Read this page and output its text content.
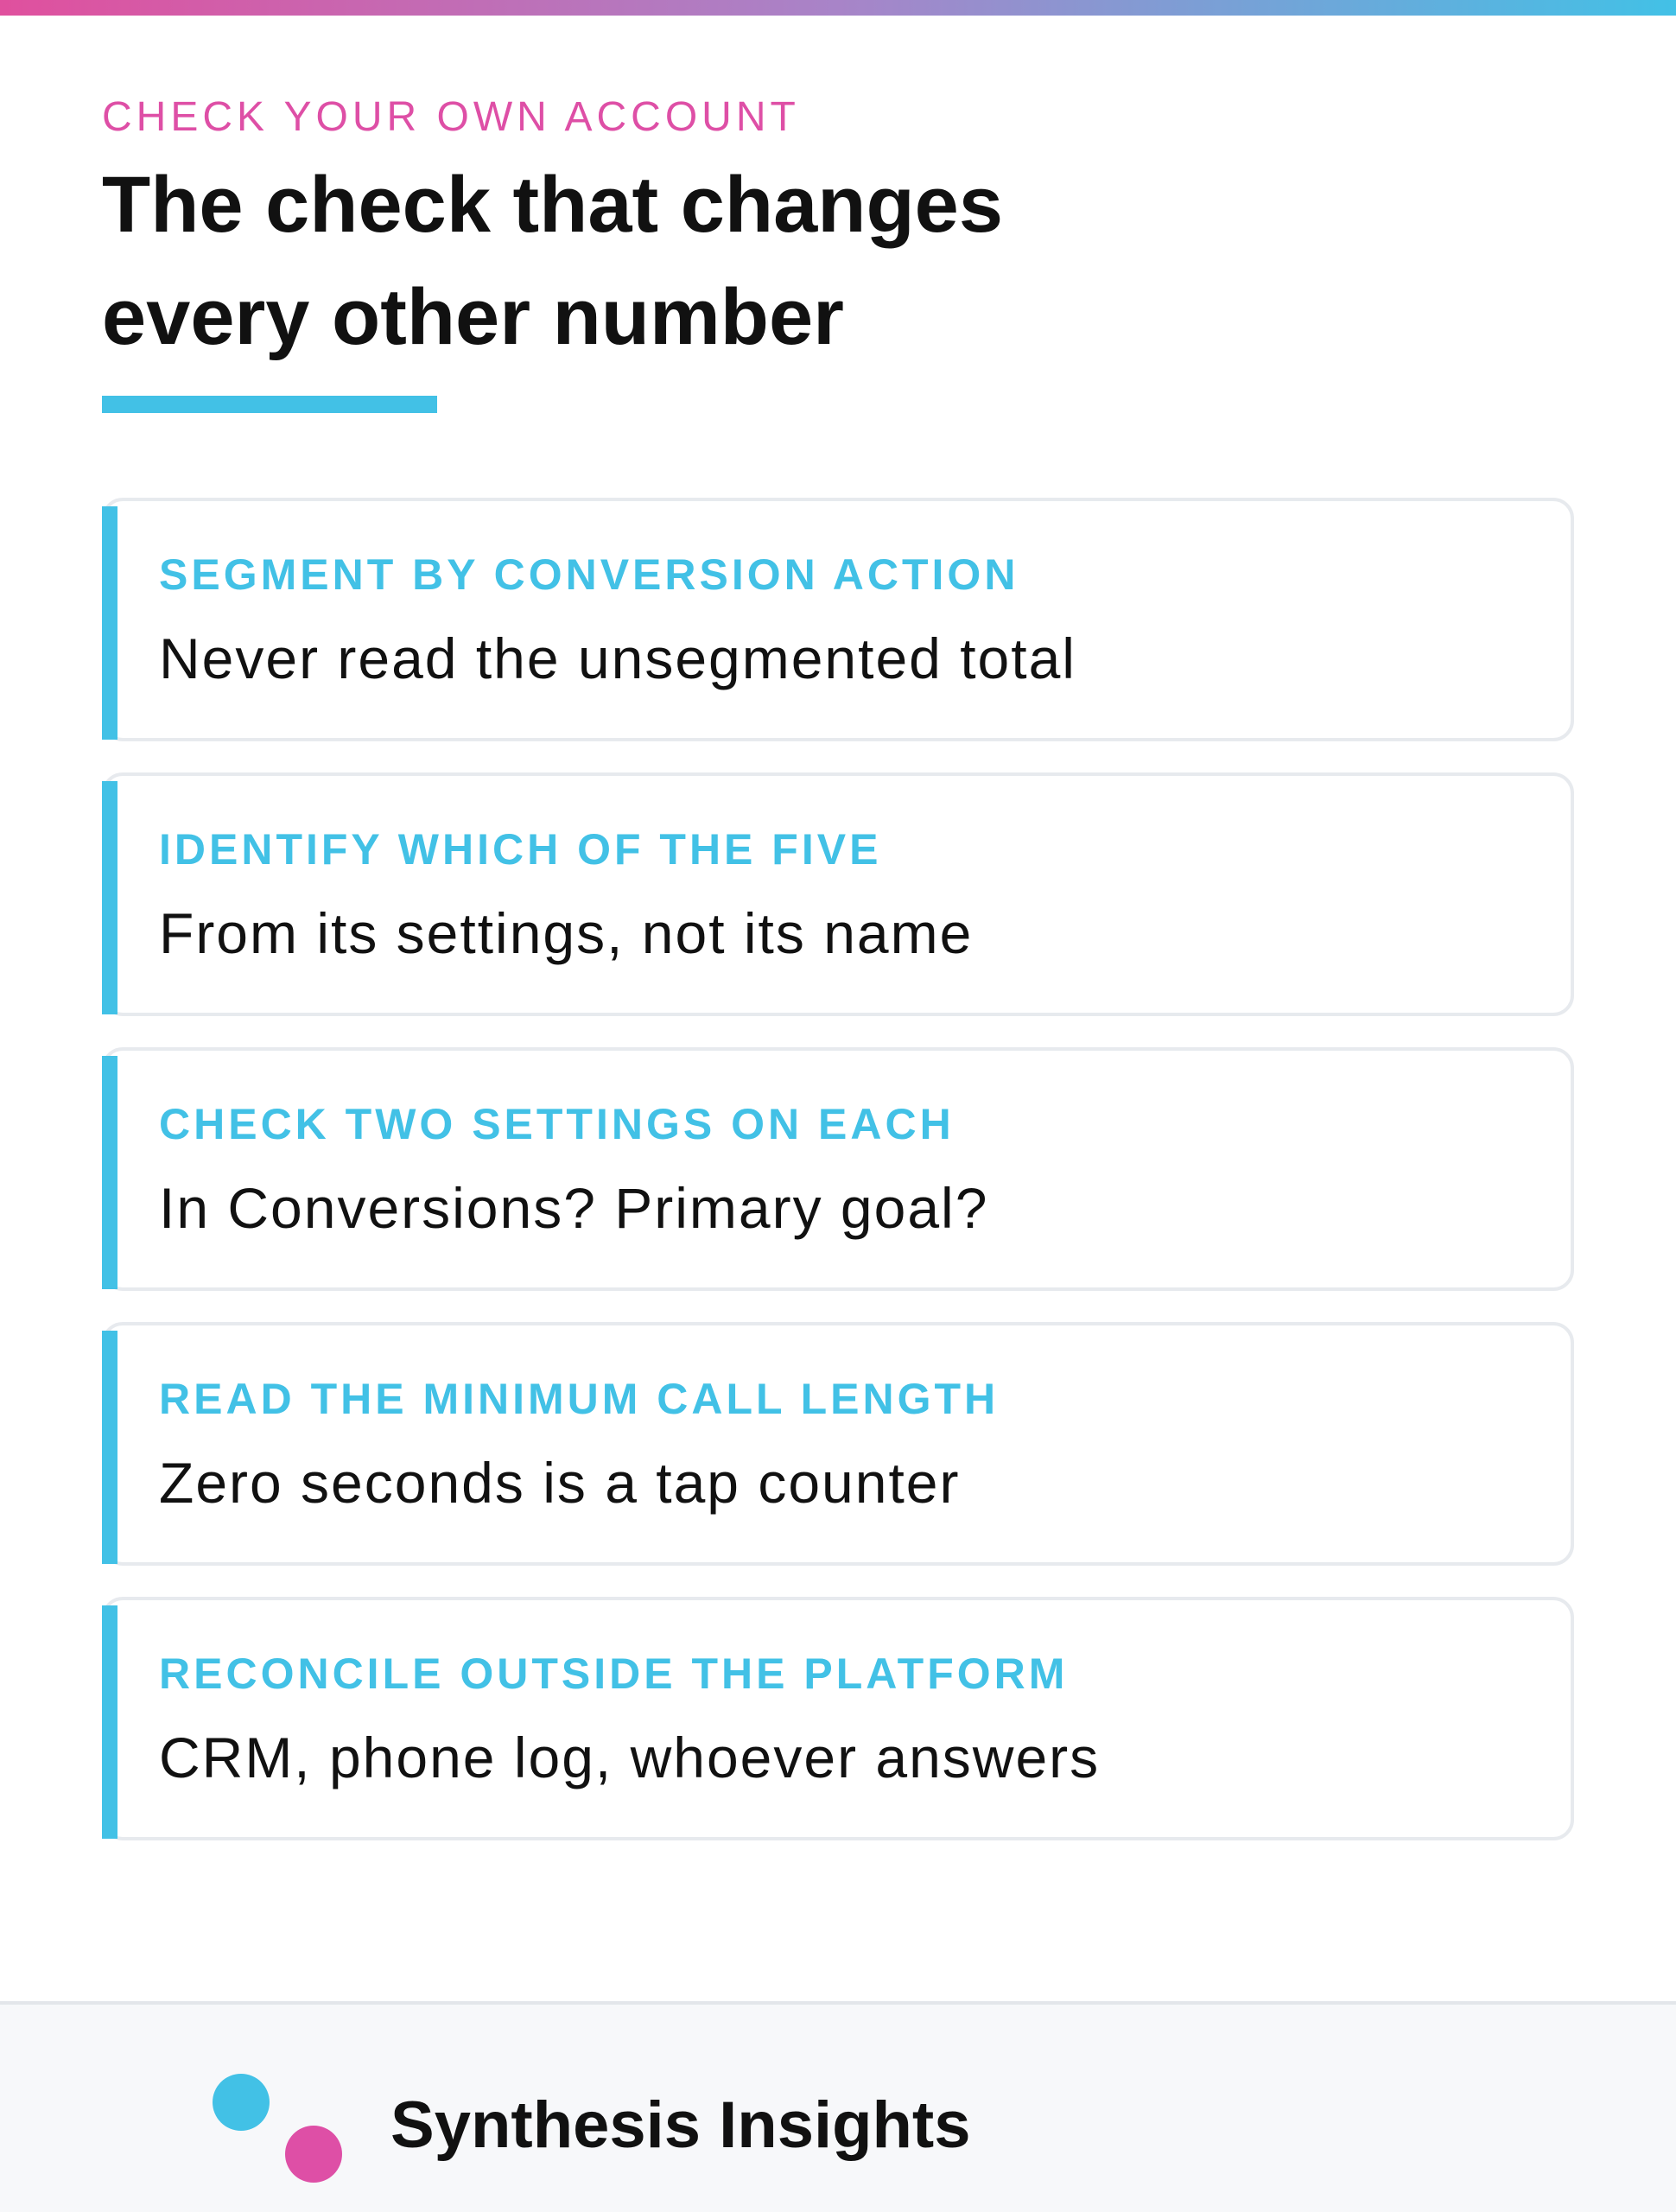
CHECK YOUR OWN ACCOUNT
The check that changes
every other number
SEGMENT BY CONVERSION ACTION
Never read the unsegmented total
IDENTIFY WHICH OF THE FIVE
From its settings, not its name
CHECK TWO SETTINGS ON EACH
In Conversions? Primary goal?
READ THE MINIMUM CALL LENGTH
Zero seconds is a tap counter
RECONCILE OUTSIDE THE PLATFORM
CRM, phone log, whoever answers
Synthesis Insights
